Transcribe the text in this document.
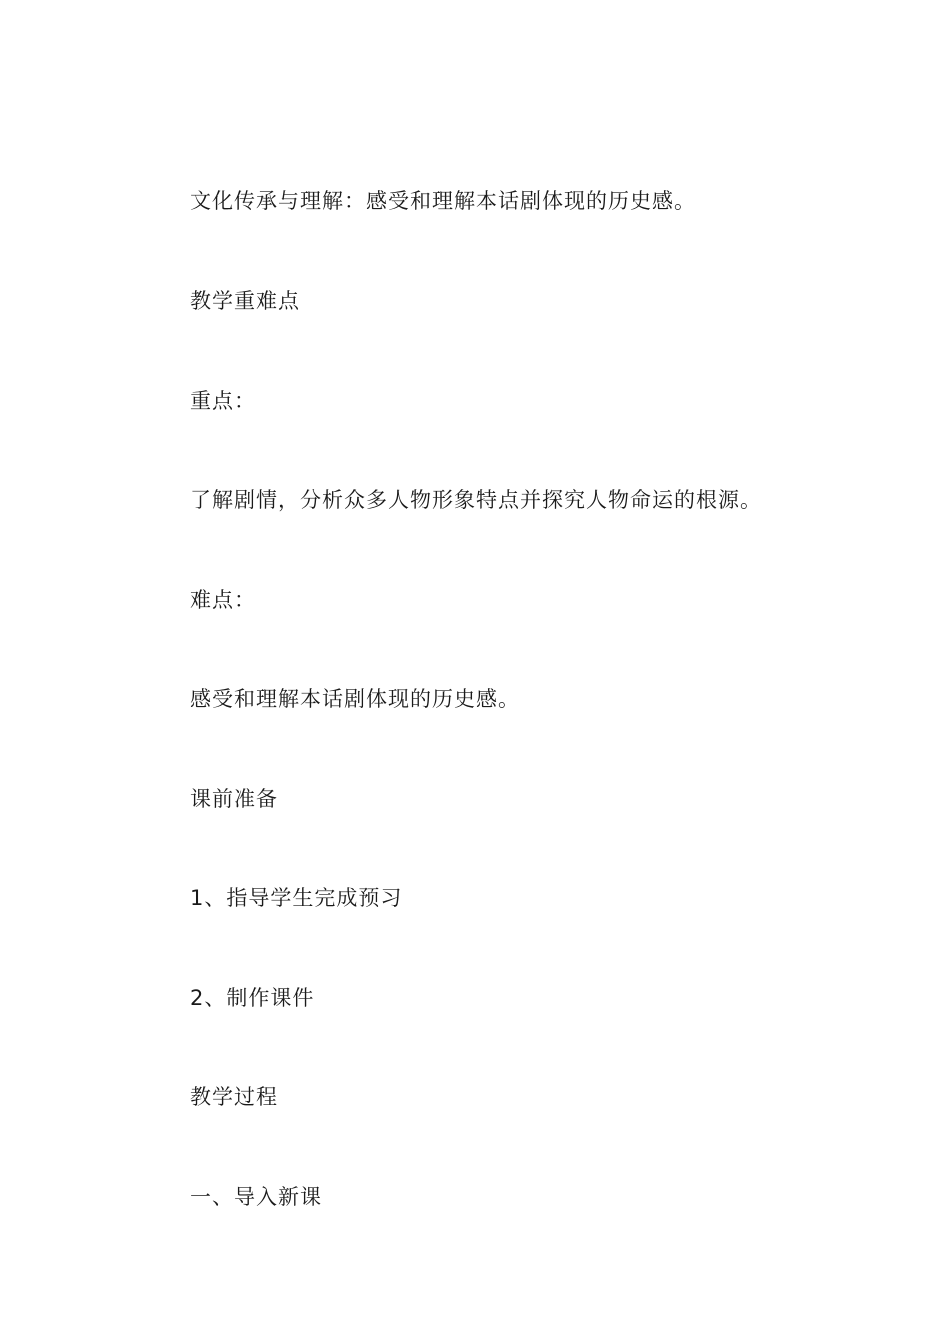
文化传承与理解：感受和理解本话剧体现的历史感。

教学重难点

重点：

了解剧情，分析众多人物形象特点并探究人物命运的根源。

难点：

感受和理解本话剧体现的历史感。

课前准备

1、指导学生完成预习

2、制作课件

教学过程

一、导入新课
